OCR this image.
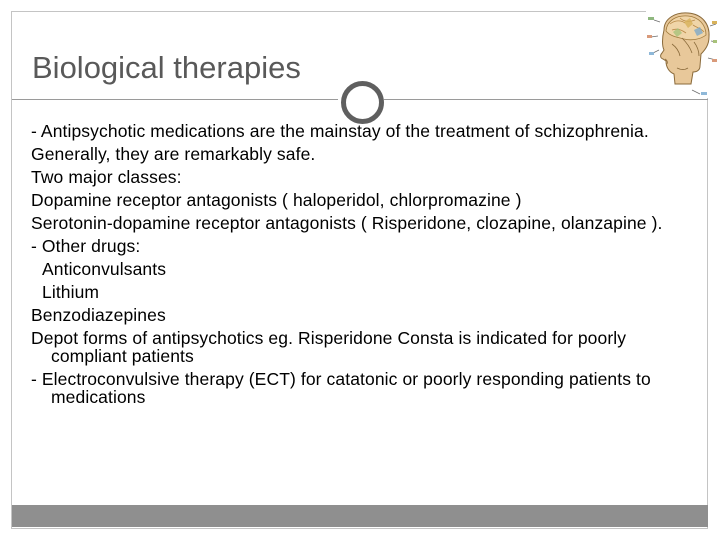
Biological therapies

- Antipsychotic medications are the mainstay of the treatment of schizophrenia.

Generally, they are remarkably safe.

Two major classes:

Dopamine receptor antagonists ( haloperidol, chlorpromazine )

Serotonin-dopamine receptor antagonists ( Risperidone, clozapine, olanzapine ).

- Other drugs:

Anticonvulsants

Lithium

Benzodiazepines

Depot forms of antipsychotics eg. Risperidone Consta is indicated for poorly compliant patients

- Electroconvulsive therapy (ECT) for catatonic or poorly responding patients to medications
